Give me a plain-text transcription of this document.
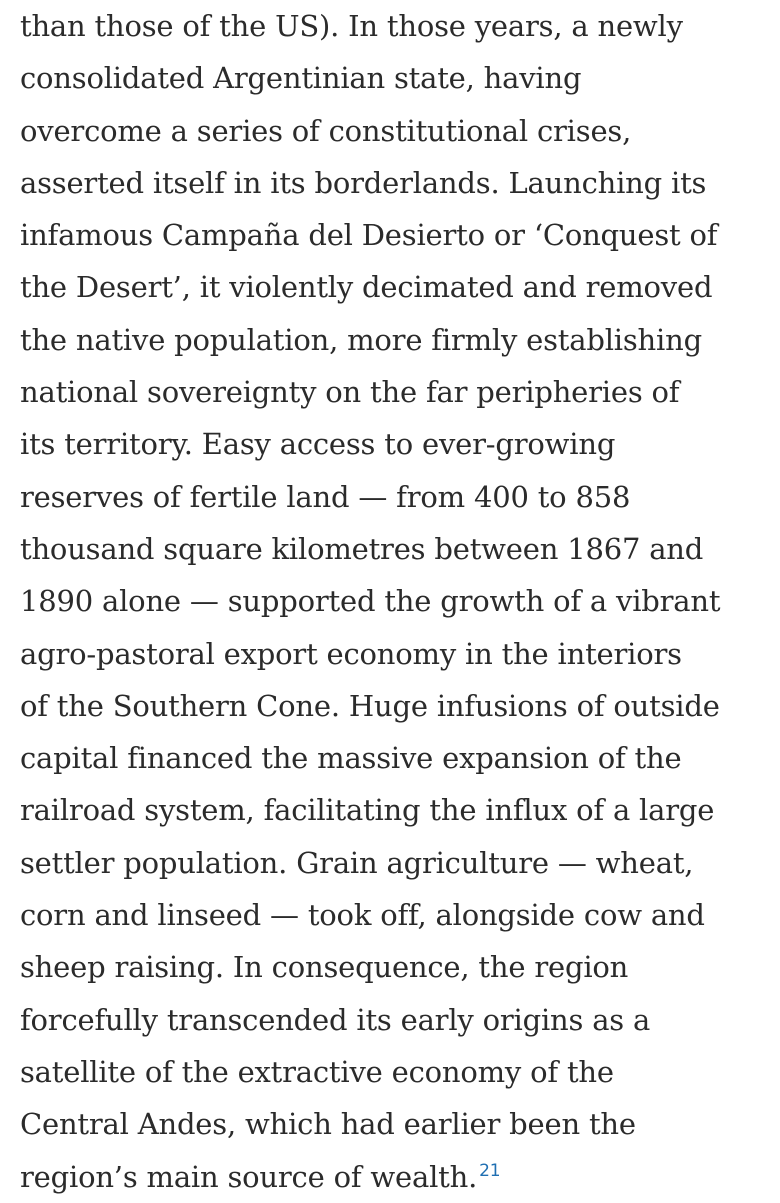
than those of the US). In those years, a newly
consolidated Argentinian state, having
overcome a series of constitutional crises,
asserted itself in its borderlands. Launching its
infamous Campaña del Desierto or ‘Conquest of
the Desert’, it violently decimated and removed
the native population, more firmly establishing
national sovereignty on the far peripheries of
its territory. Easy access to ever-growing
reserves of fertile land — from 400 to 858
thousand square kilometres between 1867 and
1890 alone — supported the growth of a vibrant
agro-pastoral export economy in the interiors
of the Southern Cone. Huge infusions of outside
capital financed the massive expansion of the
railroad system, facilitating the influx of a large
settler population. Grain agriculture — wheat,
corn and linseed — took off, alongside cow and
sheep raising. In consequence, the region
forcefully transcended its early origins as a
satellite of the extractive economy of the
Central Andes, which had earlier been the
region’s main source of wealth. $^{21}$
